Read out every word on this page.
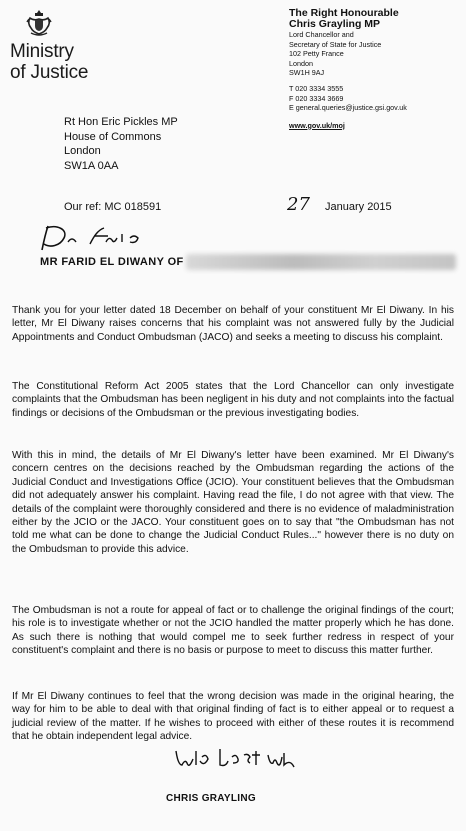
Ministry
of Justice
The Right Honourable
Chris Grayling MP
Lord Chancellor and
Secretary of State for Justice
102 Petty France
London
SW1H 9AJ
T 020 3334 3555
F 020 3334 3669
E general.queries@justice.gsi.gov.uk
www.gov.uk/moj
Rt Hon Eric Pickles MP
House of Commons
London
SW1A 0AA
Our ref: MC 018591	27 January 2015
MR FARID EL DIWANY OF
Thank you for your letter dated 18 December on behalf of your constituent Mr El Diwany. In his letter, Mr El Diwany raises concerns that his complaint was not answered fully by the Judicial Appointments and Conduct Ombudsman (JACO) and seeks a meeting to discuss his complaint.
The Constitutional Reform Act 2005 states that the Lord Chancellor can only investigate complaints that the Ombudsman has been negligent in his duty and not complaints into the factual findings or decisions of the Ombudsman or the previous investigating bodies.
With this in mind, the details of Mr El Diwany's letter have been examined. Mr El Diwany's concern centres on the decisions reached by the Ombudsman regarding the actions of the Judicial Conduct and Investigations Office (JCIO). Your constituent believes that the Ombudsman did not adequately answer his complaint. Having read the file, I do not agree with that view. The details of the complaint were thoroughly considered and there is no evidence of maladministration either by the JCIO or the JACO. Your constituent goes on to say that "the Ombudsman has not told me what can be done to change the Judicial Conduct Rules..." however there is no duty on the Ombudsman to provide this advice.
The Ombudsman is not a route for appeal of fact or to challenge the original findings of the court; his role is to investigate whether or not the JCIO handled the matter properly which he has done. As such there is nothing that would compel me to seek further redress in respect of your constituent's complaint and there is no basis or purpose to meet to discuss this matter further.
If Mr El Diwany continues to feel that the wrong decision was made in the original hearing, the way for him to be able to deal with that original finding of fact is to either appeal or to request a judicial review of the matter. If he wishes to proceed with either of these routes it is recommend that he obtain independent legal advice.
CHRIS GRAYLING
